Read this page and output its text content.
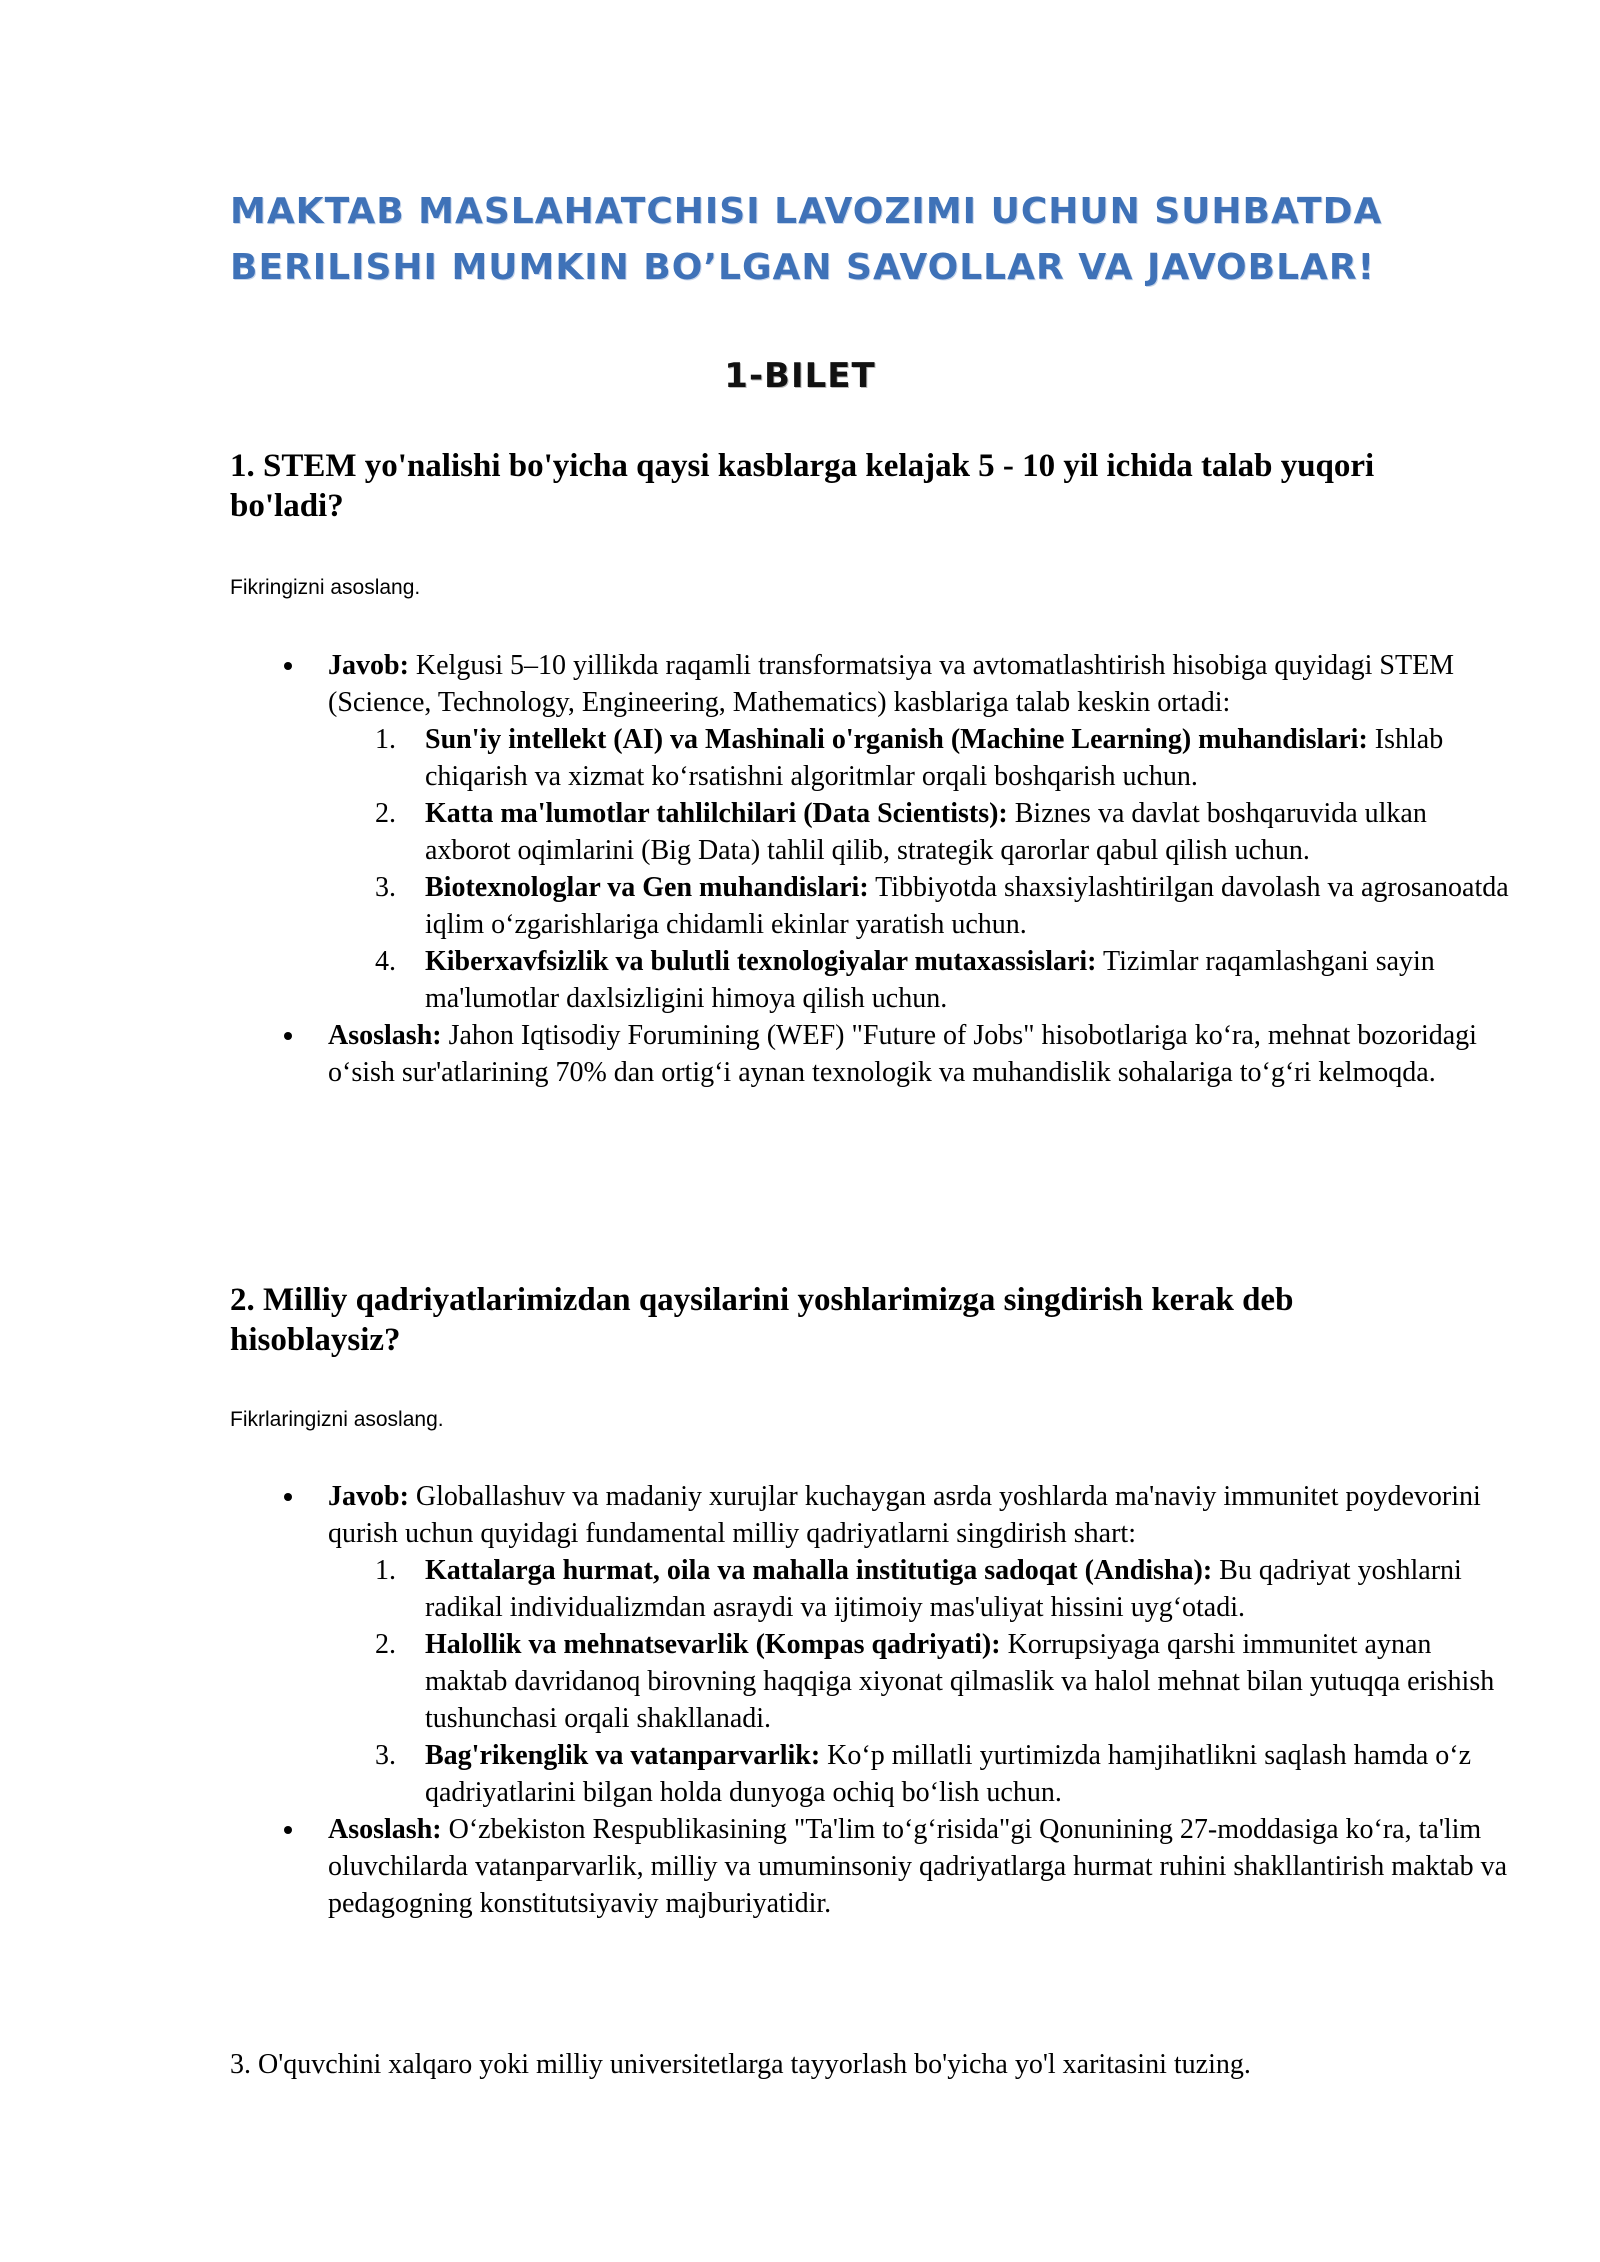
MAKTAB MASLAHATCHISI LAVOZIMI UCHUN SUHBATDA
BERILISHI MUMKIN BO’LGAN SAVOLLAR VA JAVOBLAR!
1-BILET
1. STEM yo'nalishi bo'yicha qaysi kasblarga kelajak 5 - 10 yil ichida talab yuqori bo'ladi?
Fikringizni asoslang.
Javob: Kelgusi 5–10 yillikda raqamli transformatsiya va avtomatlashtirish hisobiga quyidagi STEM (Science, Technology, Engineering, Mathematics) kasblariga talab keskin ortadi:
1. Sun'iy intellekt (AI) va Mashinali o'rganish (Machine Learning) muhandislari: Ishlab chiqarish va xizmat ko‘rsatishni algoritmlar orqali boshqarish uchun.
2. Katta ma'lumotlar tahlilchilari (Data Scientists): Biznes va davlat boshqaruvida ulkan axborot oqimlarini (Big Data) tahlil qilib, strategik qarorlar qabul qilish uchun.
3. Biotexnologlar va Gen muhandislari: Tibbiyotda shaxsiylashtirilgan davolash va agrosanoatda iqlim o‘zgarishlariga chidamli ekinlar yaratish uchun.
4. Kiberxavfsizlik va bulutli texnologiyalar mutaxassislari: Tizimlar raqamlashgani sayin ma'lumotlar daxlsizligini himoya qilish uchun.
Asoslash: Jahon Iqtisodiy Forumining (WEF) "Future of Jobs" hisobotlariga ko‘ra, mehnat bozoridagi o‘sish sur'atlarining 70% dan ortig‘i aynan texnologik va muhandislik sohalariga to‘g‘ri kelmoqda.
2. Milliy qadriyatlarimizdan qaysilarini yoshlarimizga singdirish kerak deb hisoblaysiz?
Fikrlaringizni asoslang.
Javob: Globallashuv va madaniy xurujlar kuchaygan asrda yoshlarda ma'naviy immunitet poydevorini qurish uchun quyidagi fundamental milliy qadriyatlarni singdirish shart:
1. Kattalarga hurmat, oila va mahalla institutiga sadoqat (Andisha): Bu qadriyat yoshlarni radikal individualizmdan asraydi va ijtimoiy mas'uliyat hissini uyg‘otadi.
2. Halollik va mehnatsevarlik (Kompas qadriyati): Korrupsiyaga qarshi immunitet aynan maktab davridanoq birovning haqqiga xiyonat qilmaslik va halol mehnat bilan yutuqqa erishish tushunchasi orqali shakllanadi.
3. Bag'rikenglik va vatanparvarlik: Ko‘p millatli yurtimizda hamjihatlikni saqlash hamda o‘z qadriyatlarini bilgan holda dunyoga ochiq bo‘lish uchun.
Asoslash: O‘zbekiston Respublikasining "Ta'lim to‘g‘risida"gi Qonunining 27-moddasiga ko‘ra, ta'lim oluvchilarda vatanparvarlik, milliy va umuminsoniy qadriyatlarga hurmat ruhini shakllantirish maktab va pedagogning konstitutsiyaviy majburiyatidir.
3. O'quvchini xalqaro yoki milliy universitetlarga tayyorlash bo'yicha yo'l xaritasini tuzing.
